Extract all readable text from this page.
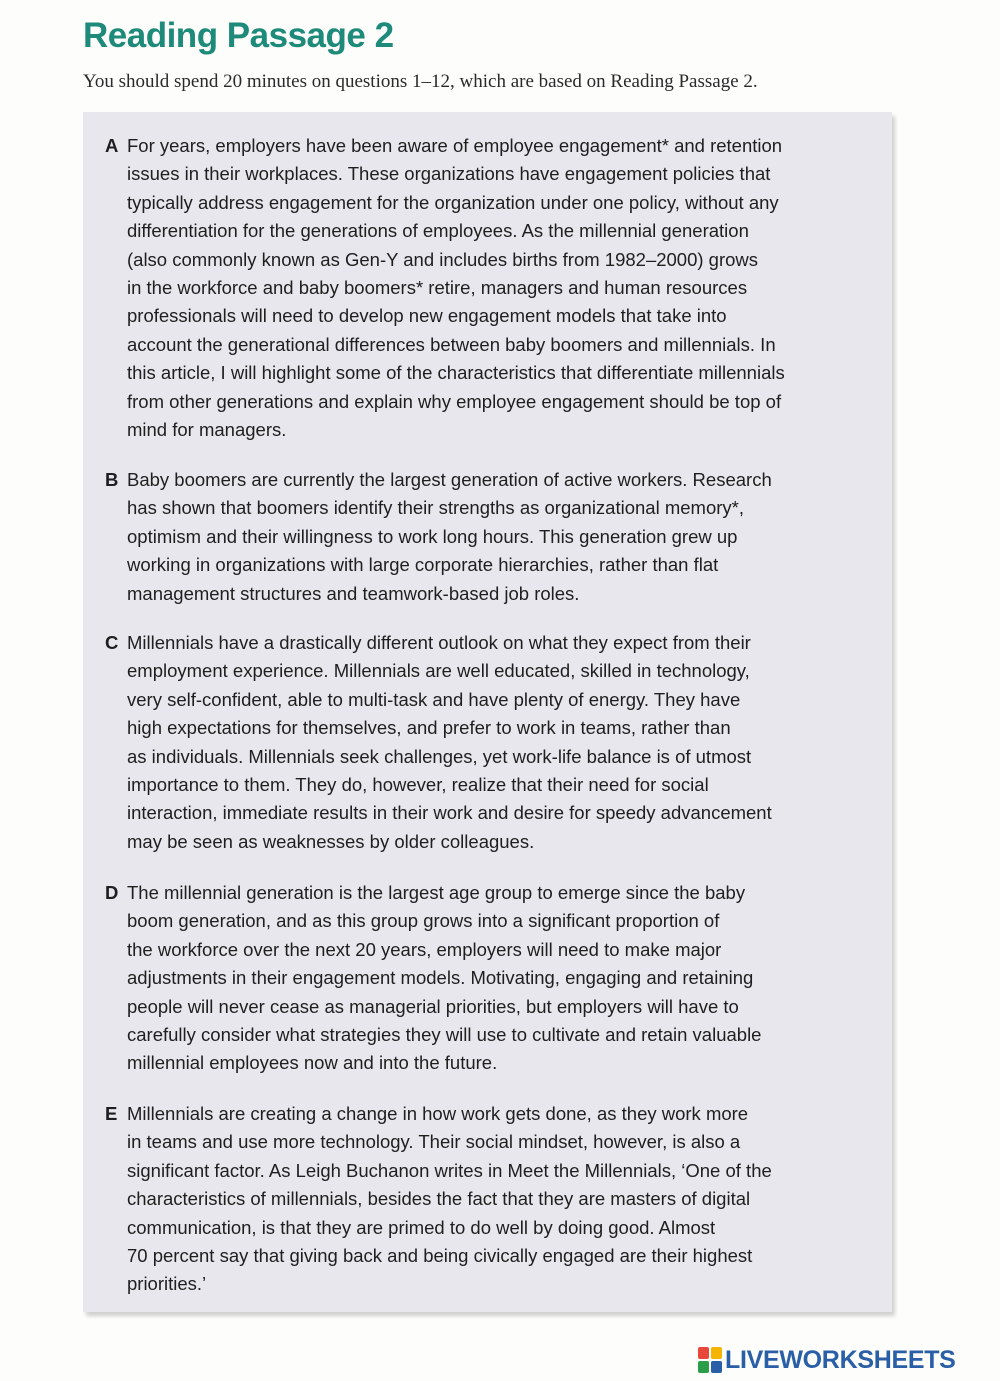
Reading Passage 2

You should spend 20 minutes on questions 1–12, which are based on Reading Passage 2.

A For years, employers have been aware of employee engagement* and retention
issues in their workplaces. These organizations have engagement policies that
typically address engagement for the organization under one policy, without any
differentiation for the generations of employees. As the millennial generation
(also commonly known as Gen-Y and includes births from 1982–2000) grows
in the workforce and baby boomers* retire, managers and human resources
professionals will need to develop new engagement models that take into
account the generational differences between baby boomers and millennials. In
this article, I will highlight some of the characteristics that differentiate millennials
from other generations and explain why employee engagement should be top of
mind for managers.

B Baby boomers are currently the largest generation of active workers. Research
has shown that boomers identify their strengths as organizational memory*,
optimism and their willingness to work long hours. This generation grew up
working in organizations with large corporate hierarchies, rather than flat
management structures and teamwork-based job roles.

C Millennials have a drastically different outlook on what they expect from their
employment experience. Millennials are well educated, skilled in technology,
very self-confident, able to multi-task and have plenty of energy. They have
high expectations for themselves, and prefer to work in teams, rather than
as individuals. Millennials seek challenges, yet work-life balance is of utmost
importance to them. They do, however, realize that their need for social
interaction, immediate results in their work and desire for speedy advancement
may be seen as weaknesses by older colleagues.

D The millennial generation is the largest age group to emerge since the baby
boom generation, and as this group grows into a significant proportion of
the workforce over the next 20 years, employers will need to make major
adjustments in their engagement models. Motivating, engaging and retaining
people will never cease as managerial priorities, but employers will have to
carefully consider what strategies they will use to cultivate and retain valuable
millennial employees now and into the future.

E Millennials are creating a change in how work gets done, as they work more
in teams and use more technology. Their social mindset, however, is also a
significant factor. As Leigh Buchanon writes in Meet the Millennials, ‘One of the
characteristics of millennials, besides the fact that they are masters of digital
communication, is that they are primed to do well by doing good. Almost
70 percent say that giving back and being civically engaged are their highest
priorities.’

LIVEWORKSHEETS
